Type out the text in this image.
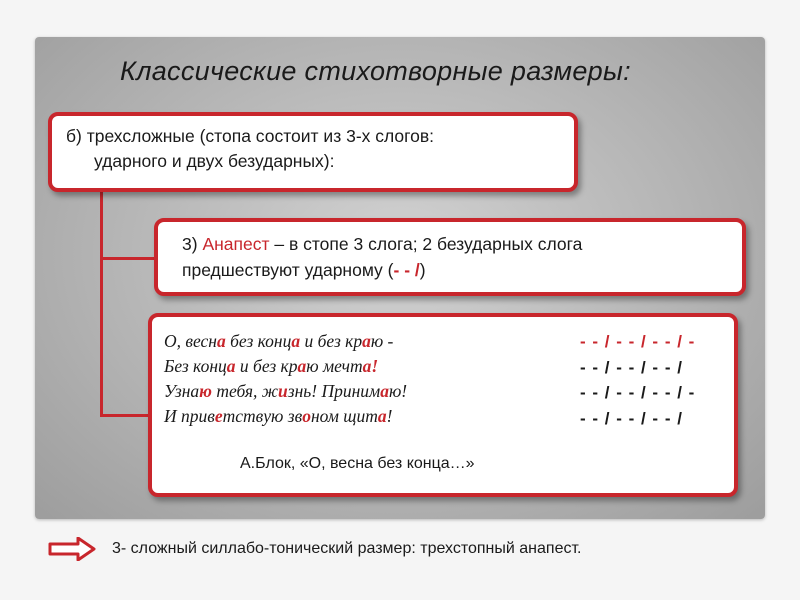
Классические стихотворные размеры:
б) трехсложные (стопа состоит из 3-х слогов:
ударного и двух безударных):
3) Анапест – в стопе 3 слога; 2 безударных слога
предшествуют ударному (- - /)
О, весна без конца и без краю -
Без конца и без краю мечта!
Узнаю тебя, жизнь! Принимаю!
И приветствую звоном щита!
- - / - - / - - / -
- - / - - / - - /
- - / - - / - - / -
- - / - - / - - /
А.Блок, «О, весна без конца…»
3- сложный силлабо-тонический размер: трехстопный анапест.
